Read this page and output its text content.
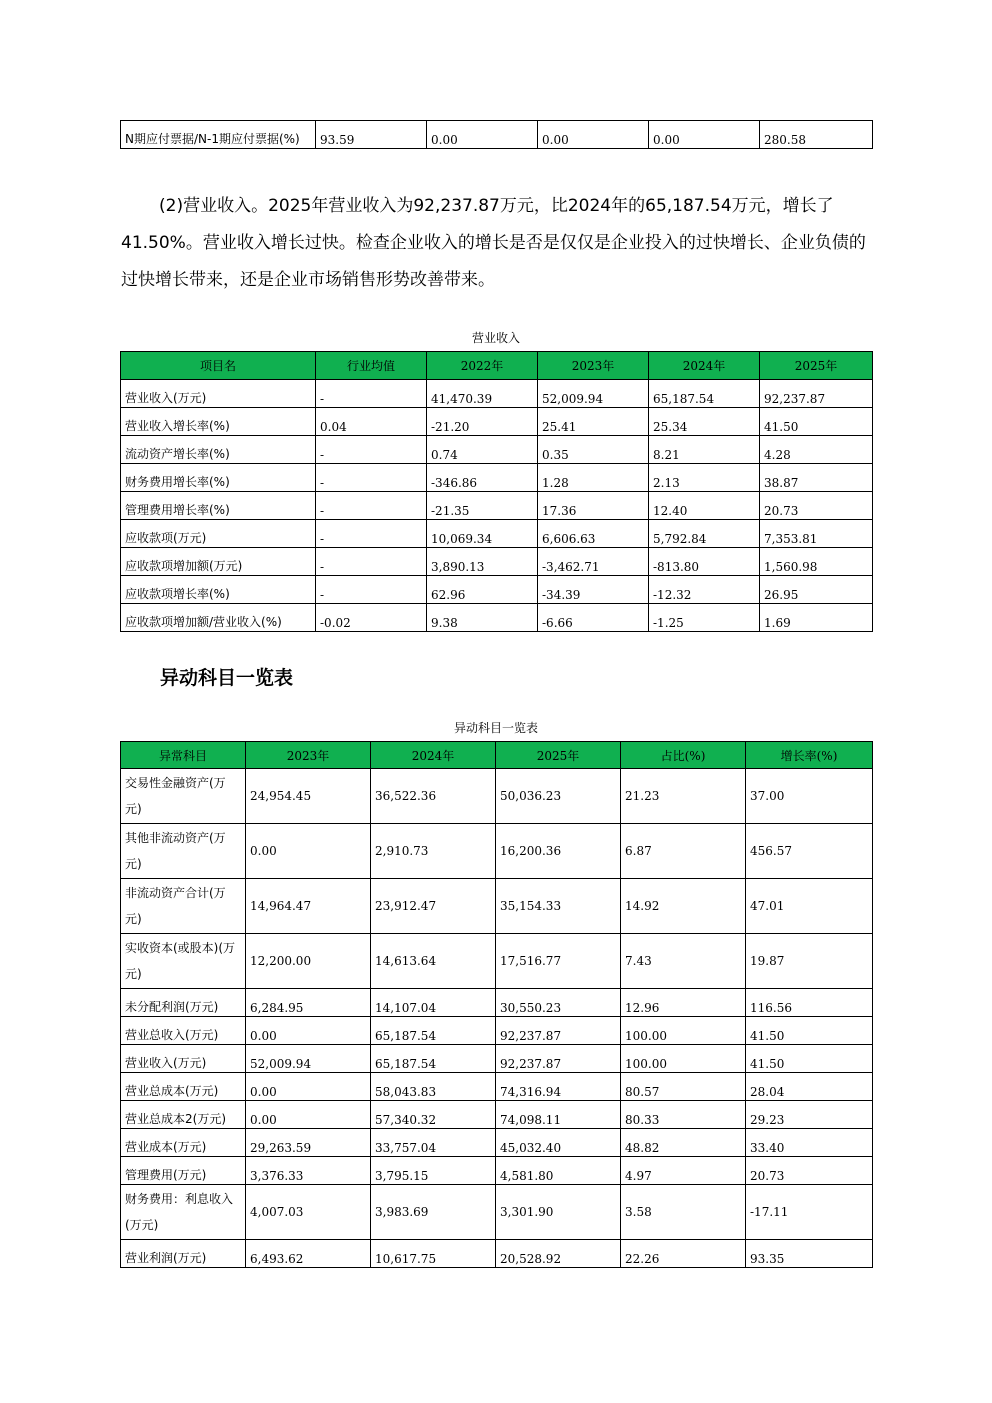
N期应付票据/N-1期应付票据(%)	93.59	0.00	0.00	0.00	280.58
(2)营业收入。2025年营业收入为92,237.87万元，比2024年的65,187.54万元，增长了41.50%。营业收入增长过快。检查企业收入的增长是否是仅仅是企业投入的过快增长、企业负债的过快增长带来，还是企业市场销售形势改善带来。
营业收入
项目名	行业均值	2022年	2023年	2024年	2025年
营业收入(万元)	-	41,470.39	52,009.94	65,187.54	92,237.87
营业收入增长率(%)	0.04	-21.20	25.41	25.34	41.50
流动资产增长率(%)	-	0.74	0.35	8.21	4.28
财务费用增长率(%)	-	-346.86	1.28	2.13	38.87
管理费用增长率(%)	-	-21.35	17.36	12.40	20.73
应收款项(万元)	-	10,069.34	6,606.63	5,792.84	7,353.81
应收款项增加额(万元)	-	3,890.13	-3,462.71	-813.80	1,560.98
应收款项增长率(%)	-	62.96	-34.39	-12.32	26.95
应收款项增加额/营业收入(%)	-0.02	9.38	-6.66	-1.25	1.69
异动科目一览表
异动科目一览表
异常科目	2023年	2024年	2025年	占比(%)	增长率(%)
交易性金融资产(万元)	24,954.45	36,522.36	50,036.23	21.23	37.00
其他非流动资产(万元)	0.00	2,910.73	16,200.36	6.87	456.57
非流动资产合计(万元)	14,964.47	23,912.47	35,154.33	14.92	47.01
实收资本(或股本)(万元)	12,200.00	14,613.64	17,516.77	7.43	19.87
未分配利润(万元)	6,284.95	14,107.04	30,550.23	12.96	116.56
营业总收入(万元)	0.00	65,187.54	92,237.87	100.00	41.50
营业收入(万元)	52,009.94	65,187.54	92,237.87	100.00	41.50
营业总成本(万元)	0.00	58,043.83	74,316.94	80.57	28.04
营业总成本2(万元)	0.00	57,340.32	74,098.11	80.33	29.23
营业成本(万元)	29,263.59	33,757.04	45,032.40	48.82	33.40
管理费用(万元)	3,376.33	3,795.15	4,581.80	4.97	20.73
财务费用：利息收入(万元)	4,007.03	3,983.69	3,301.90	3.58	-17.11
营业利润(万元)	6,493.62	10,617.75	20,528.92	22.26	93.35
